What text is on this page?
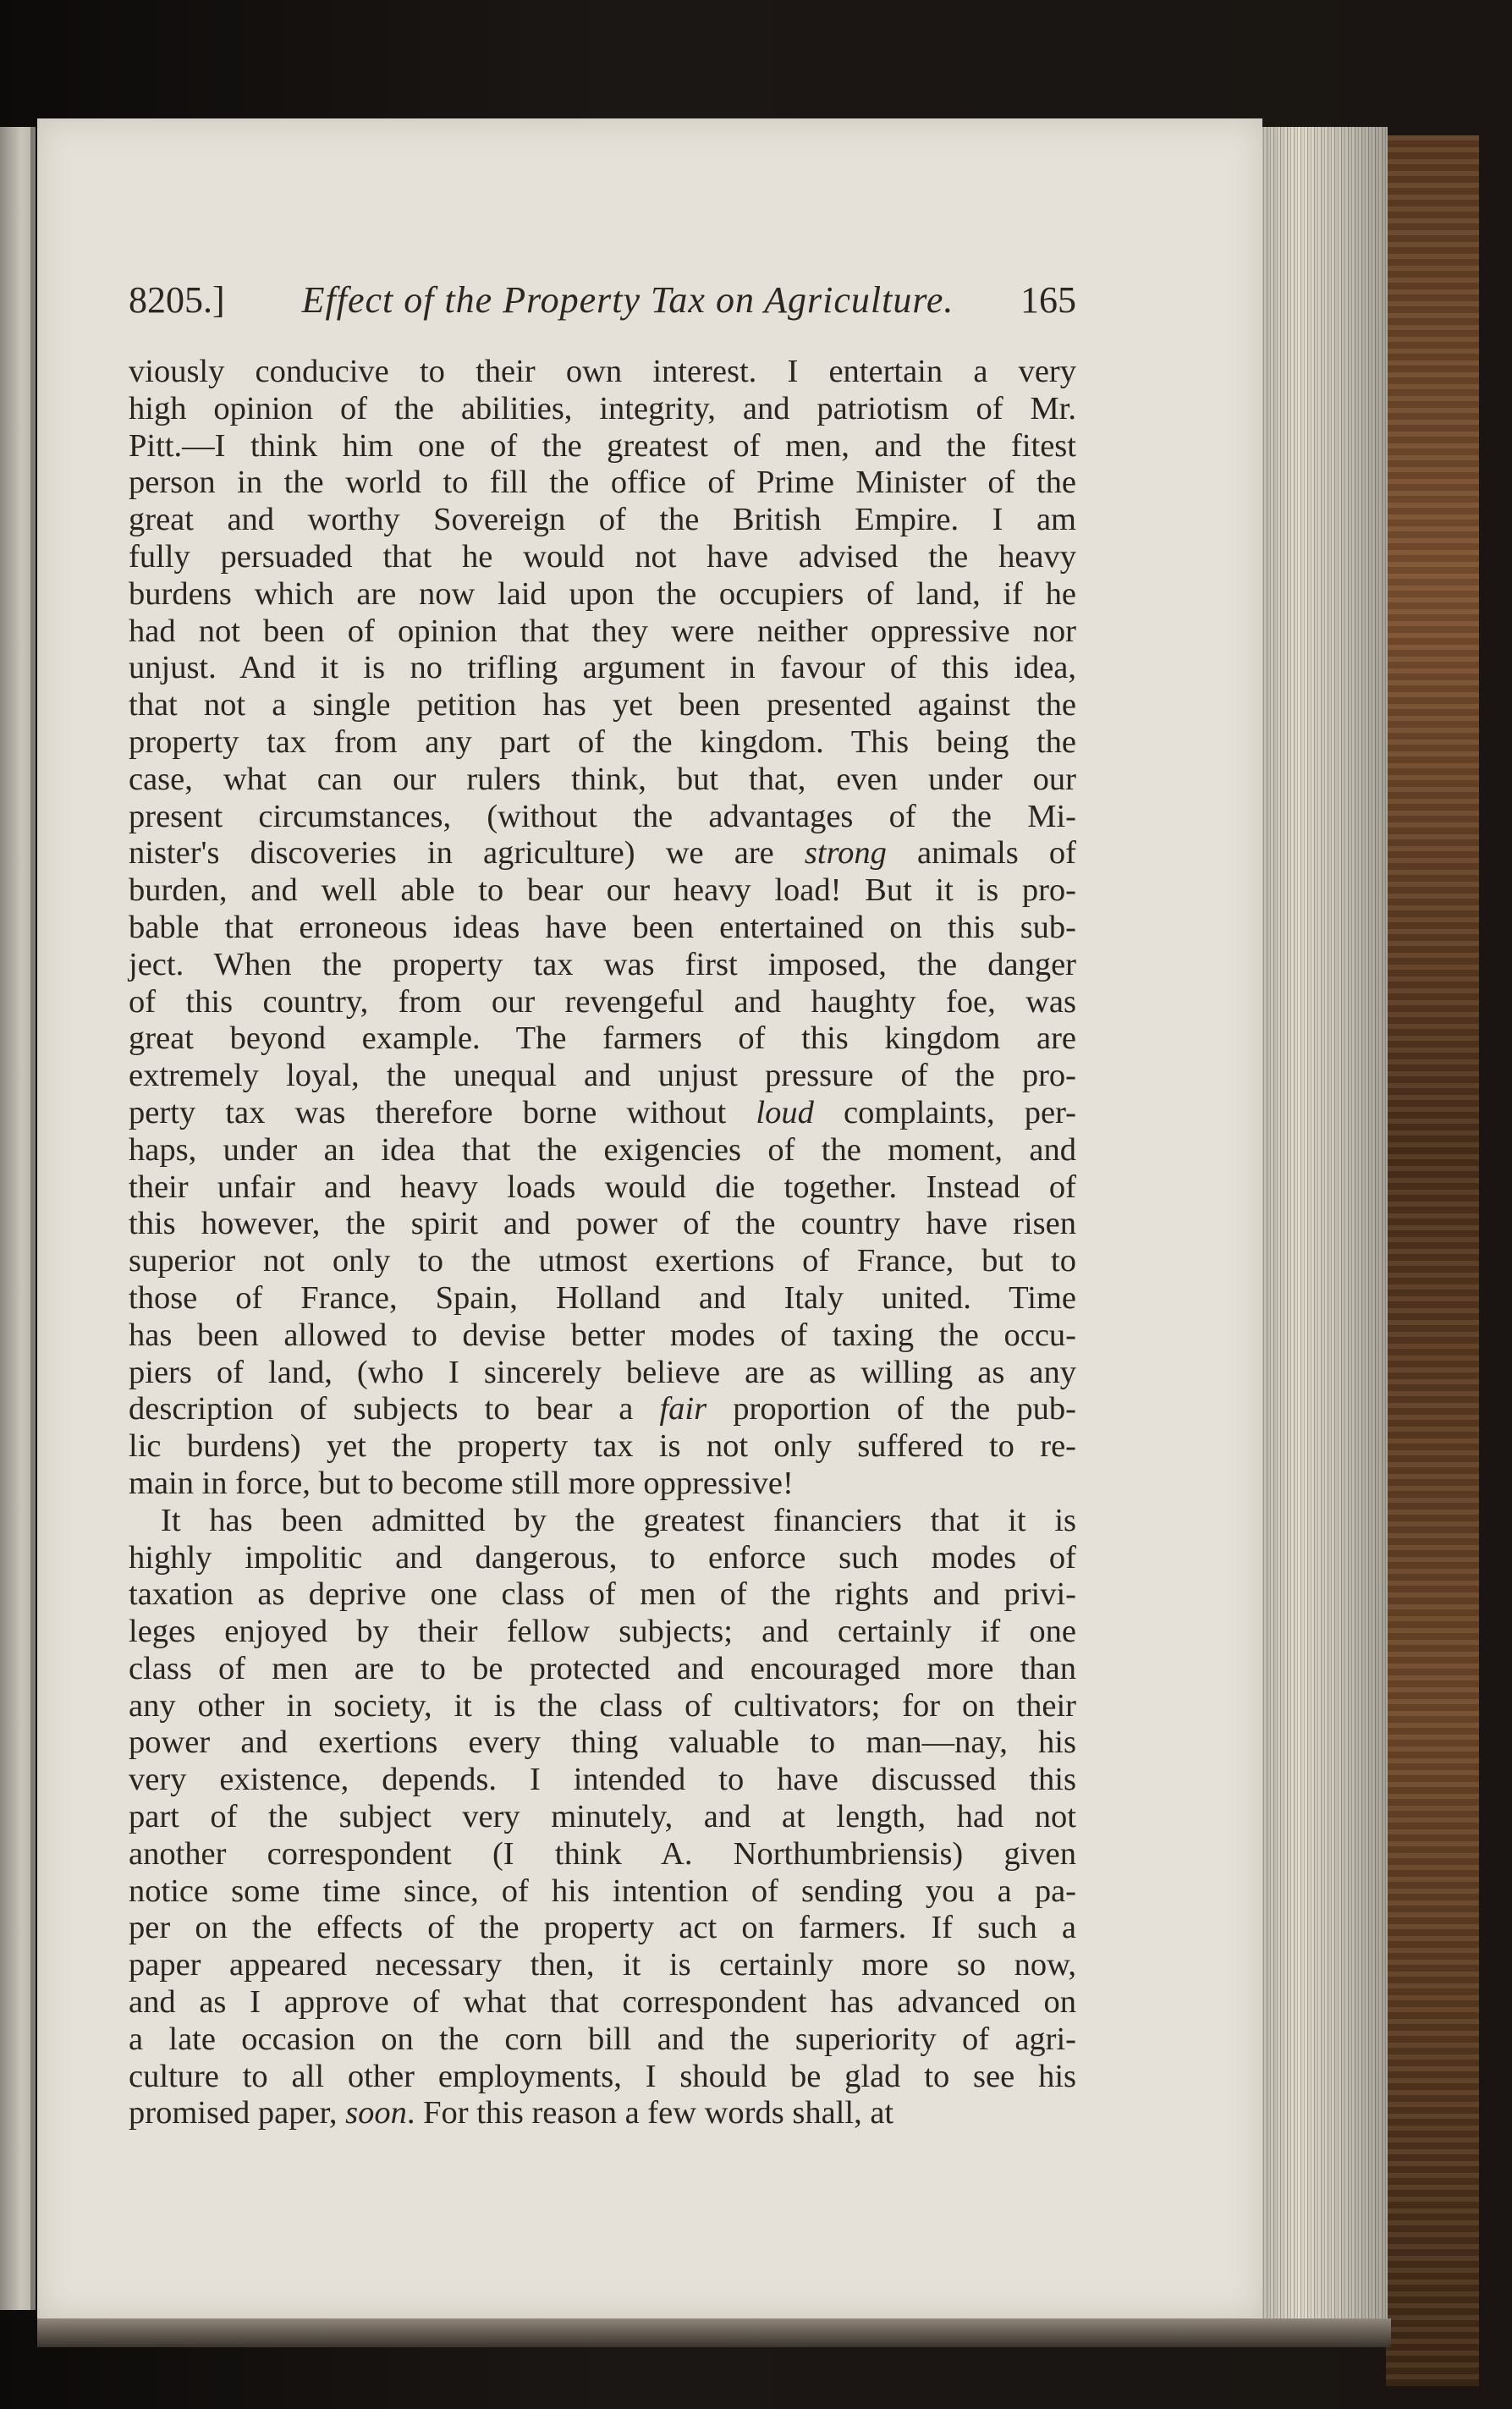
8205.]	Effect of the Property Tax on Agriculture.	165
viously conducive to their own interest. I entertain a very
high opinion of the abilities, integrity, and patriotism of Mr.
Pitt.—I think him one of the greatest of men, and the fitest
person in the world to fill the office of Prime Minister of the
great and worthy Sovereign of the British Empire. I am
fully persuaded that he would not have advised the heavy
burdens which are now laid upon the occupiers of land, if he
had not been of opinion that they were neither oppressive nor
unjust. And it is no trifling argument in favour of this idea,
that not a single petition has yet been presented against the
property tax from any part of the kingdom. This being the
case, what can our rulers think, but that, even under our
present circumstances, (without the advantages of the Mi-
nister's discoveries in agriculture) we are strong animals of
burden, and well able to bear our heavy load! But it is pro-
bable that erroneous ideas have been entertained on this sub-
ject. When the property tax was first imposed, the danger
of this country, from our revengeful and haughty foe, was
great beyond example. The farmers of this kingdom are
extremely loyal, the unequal and unjust pressure of the pro-
perty tax was therefore borne without loud complaints, per-
haps, under an idea that the exigencies of the moment, and
their unfair and heavy loads would die together. Instead of
this however, the spirit and power of the country have risen
superior not only to the utmost exertions of France, but to
those of France, Spain, Holland and Italy united. Time
has been allowed to devise better modes of taxing the occu-
piers of land, (who I sincerely believe are as willing as any
description of subjects to bear a fair proportion of the pub-
lic burdens) yet the property tax is not only suffered to re-
main in force, but to become still more oppressive!
It has been admitted by the greatest financiers that it is
highly impolitic and dangerous, to enforce such modes of
taxation as deprive one class of men of the rights and privi-
leges enjoyed by their fellow subjects; and certainly if one
class of men are to be protected and encouraged more than
any other in society, it is the class of cultivators; for on their
power and exertions every thing valuable to man—nay, his
very existence, depends. I intended to have discussed this
part of the subject very minutely, and at length, had not
another correspondent (I think A. Northumbriensis) given
notice some time since, of his intention of sending you a pa-
per on the effects of the property act on farmers. If such a
paper appeared necessary then, it is certainly more so now,
and as I approve of what that correspondent has advanced on
a late occasion on the corn bill and the superiority of agri-
culture to all other employments, I should be glad to see his
promised paper, soon. For this reason a few words shall, at
